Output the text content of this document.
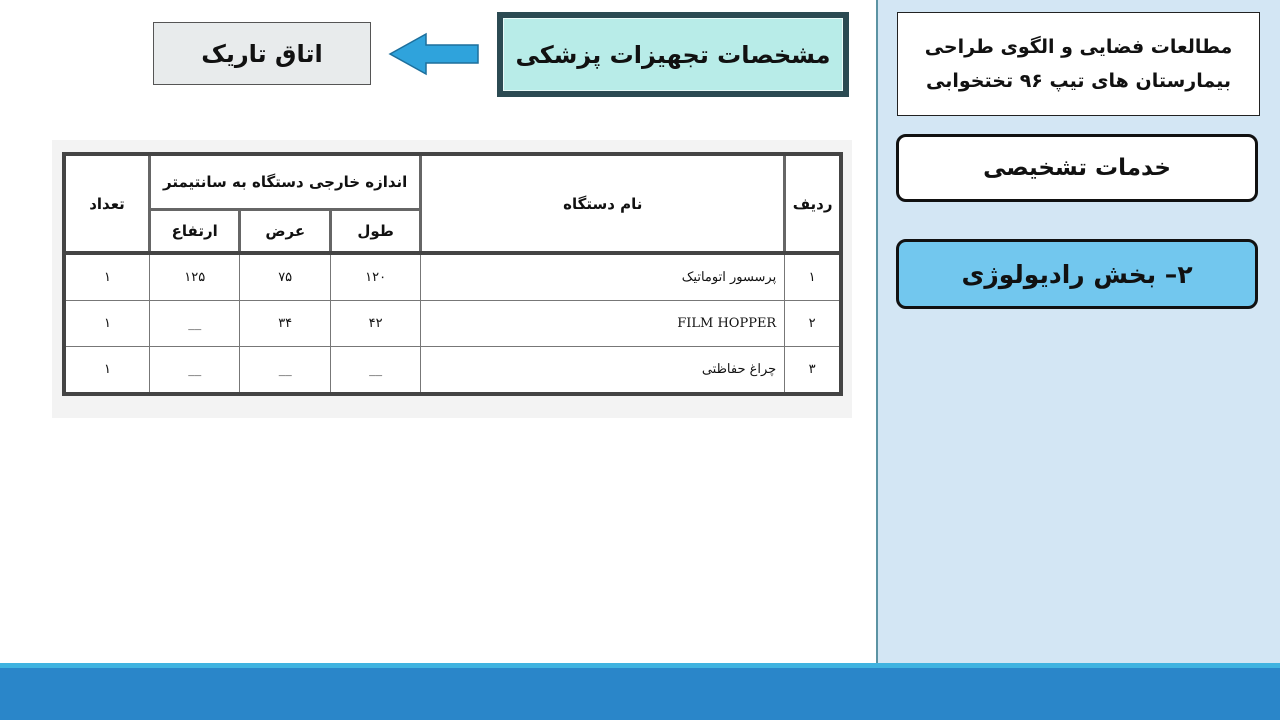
مطالعات فضایی و الگوی طراحی
بیمارستان های تیپ ۹۶ تختخوابی
خدمات تشخیصی
۲– بخش رادیولوژی
مشخصات تجهیزات پزشکی
اتاق تاریک
ردیف	نام دستگاه	اندازه خارجی دستگاه به سانتیمتر			تعداد
		طول	عرض	ارتفاع	
۱	پرسسور اتوماتیک	۱۲۰	۷۵	۱۲۵	۱
۲	FILM HOPPER	۴۲	۳۴	__	۱
۳	چراغ حفاظتی	__	__	__	۱
